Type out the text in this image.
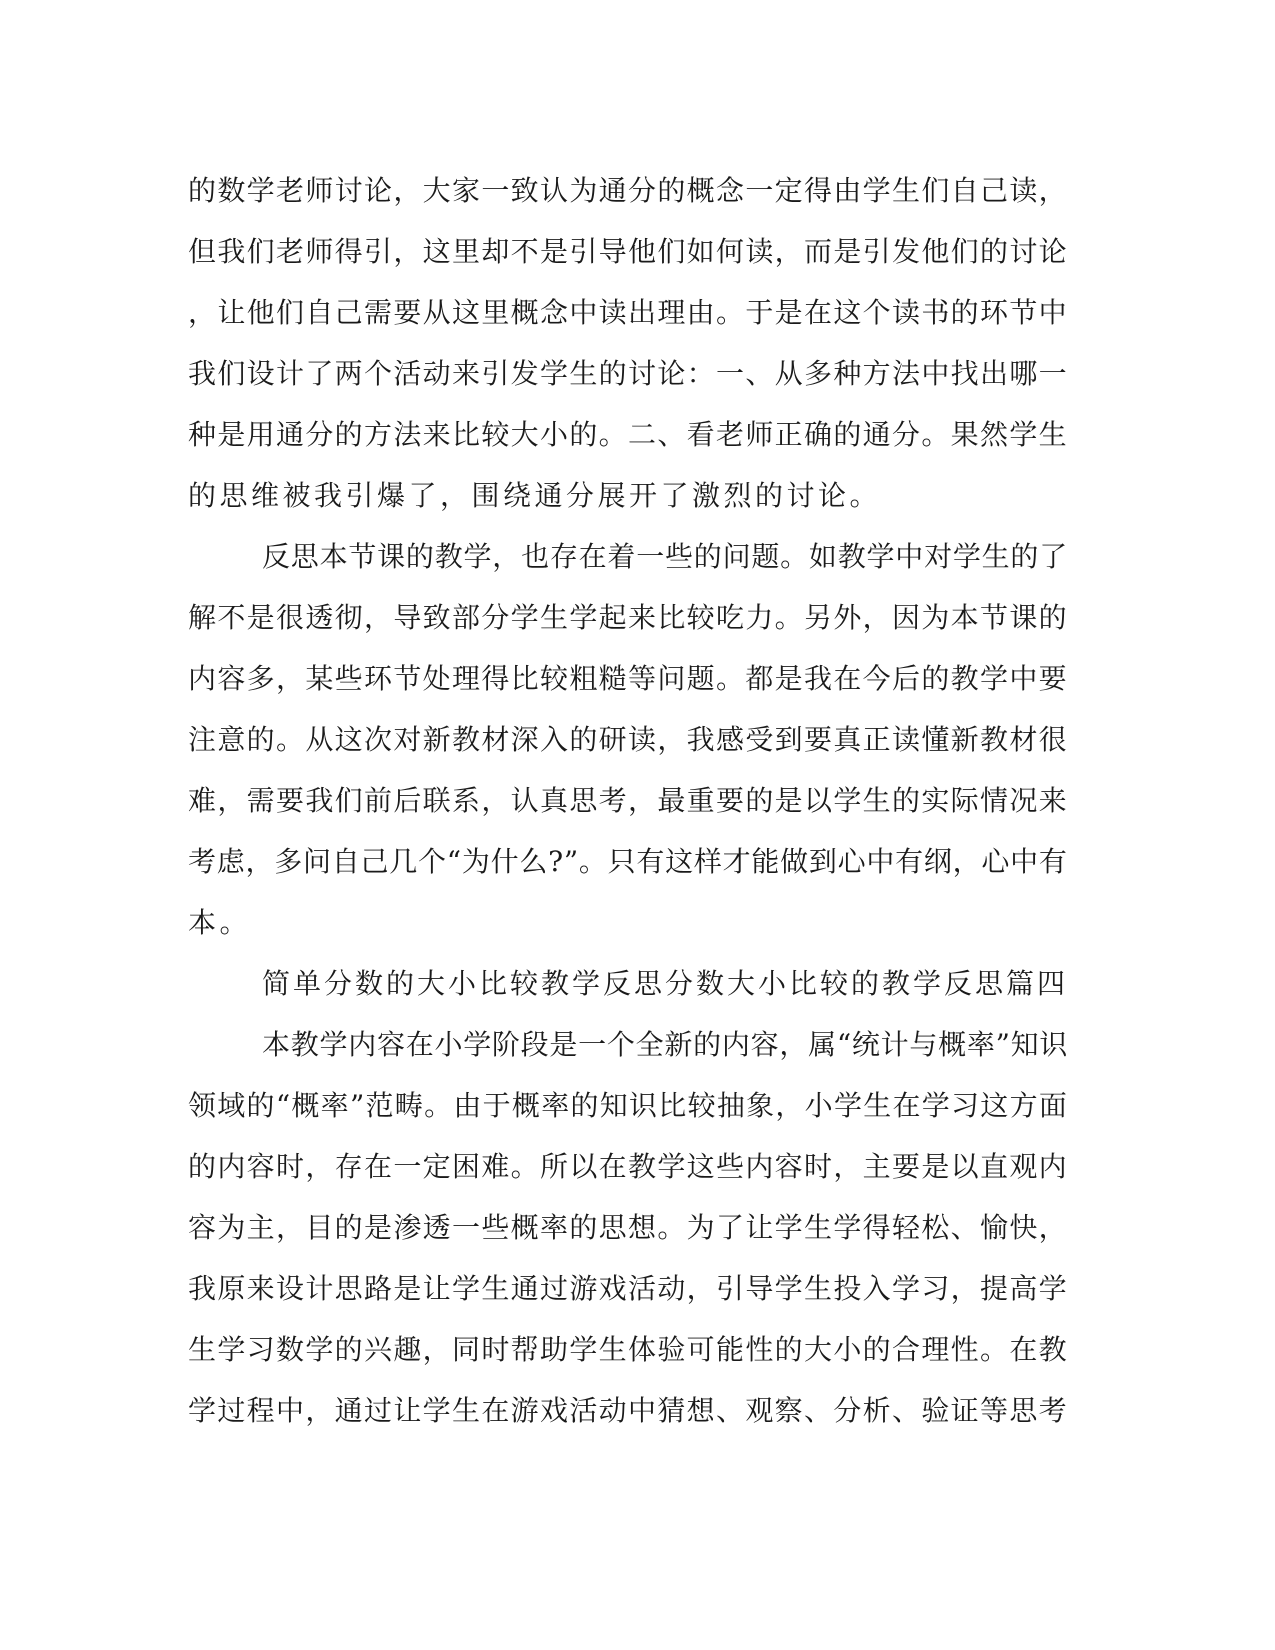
的数学老师讨论，大家一致认为通分的概念一定得由学生们自己读，
但我们老师得引，这里却不是引导他们如何读，而是引发他们的讨论
，让他们自己需要从这里概念中读出理由。于是在这个读书的环节中
我们设计了两个活动来引发学生的讨论：一、从多种方法中找出哪一
种是用通分的方法来比较大小的。二、看老师正确的通分。果然学生
的思维被我引爆了，围绕通分展开了激烈的讨论。
反思本节课的教学，也存在着一些的问题。如教学中对学生的了
解不是很透彻，导致部分学生学起来比较吃力。另外，因为本节课的
内容多，某些环节处理得比较粗糙等问题。都是我在今后的教学中要
注意的。从这次对新教材深入的研读，我感受到要真正读懂新教材很
难，需要我们前后联系，认真思考，最重要的是以学生的实际情况来
考虑，多问自己几个“为什么?”。只有这样才能做到心中有纲，心中有
本。
简单分数的大小比较教学反思分数大小比较的教学反思篇四
本教学内容在小学阶段是一个全新的内容，属“统计与概率”知识
领域的“概率”范畴。由于概率的知识比较抽象，小学生在学习这方面
的内容时，存在一定困难。所以在教学这些内容时，主要是以直观内
容为主，目的是渗透一些概率的思想。为了让学生学得轻松、愉快，
我原来设计思路是让学生通过游戏活动，引导学生投入学习，提高学
生学习数学的兴趣，同时帮助学生体验可能性的大小的合理性。在教
学过程中，通过让学生在游戏活动中猜想、观察、分析、验证等思考
